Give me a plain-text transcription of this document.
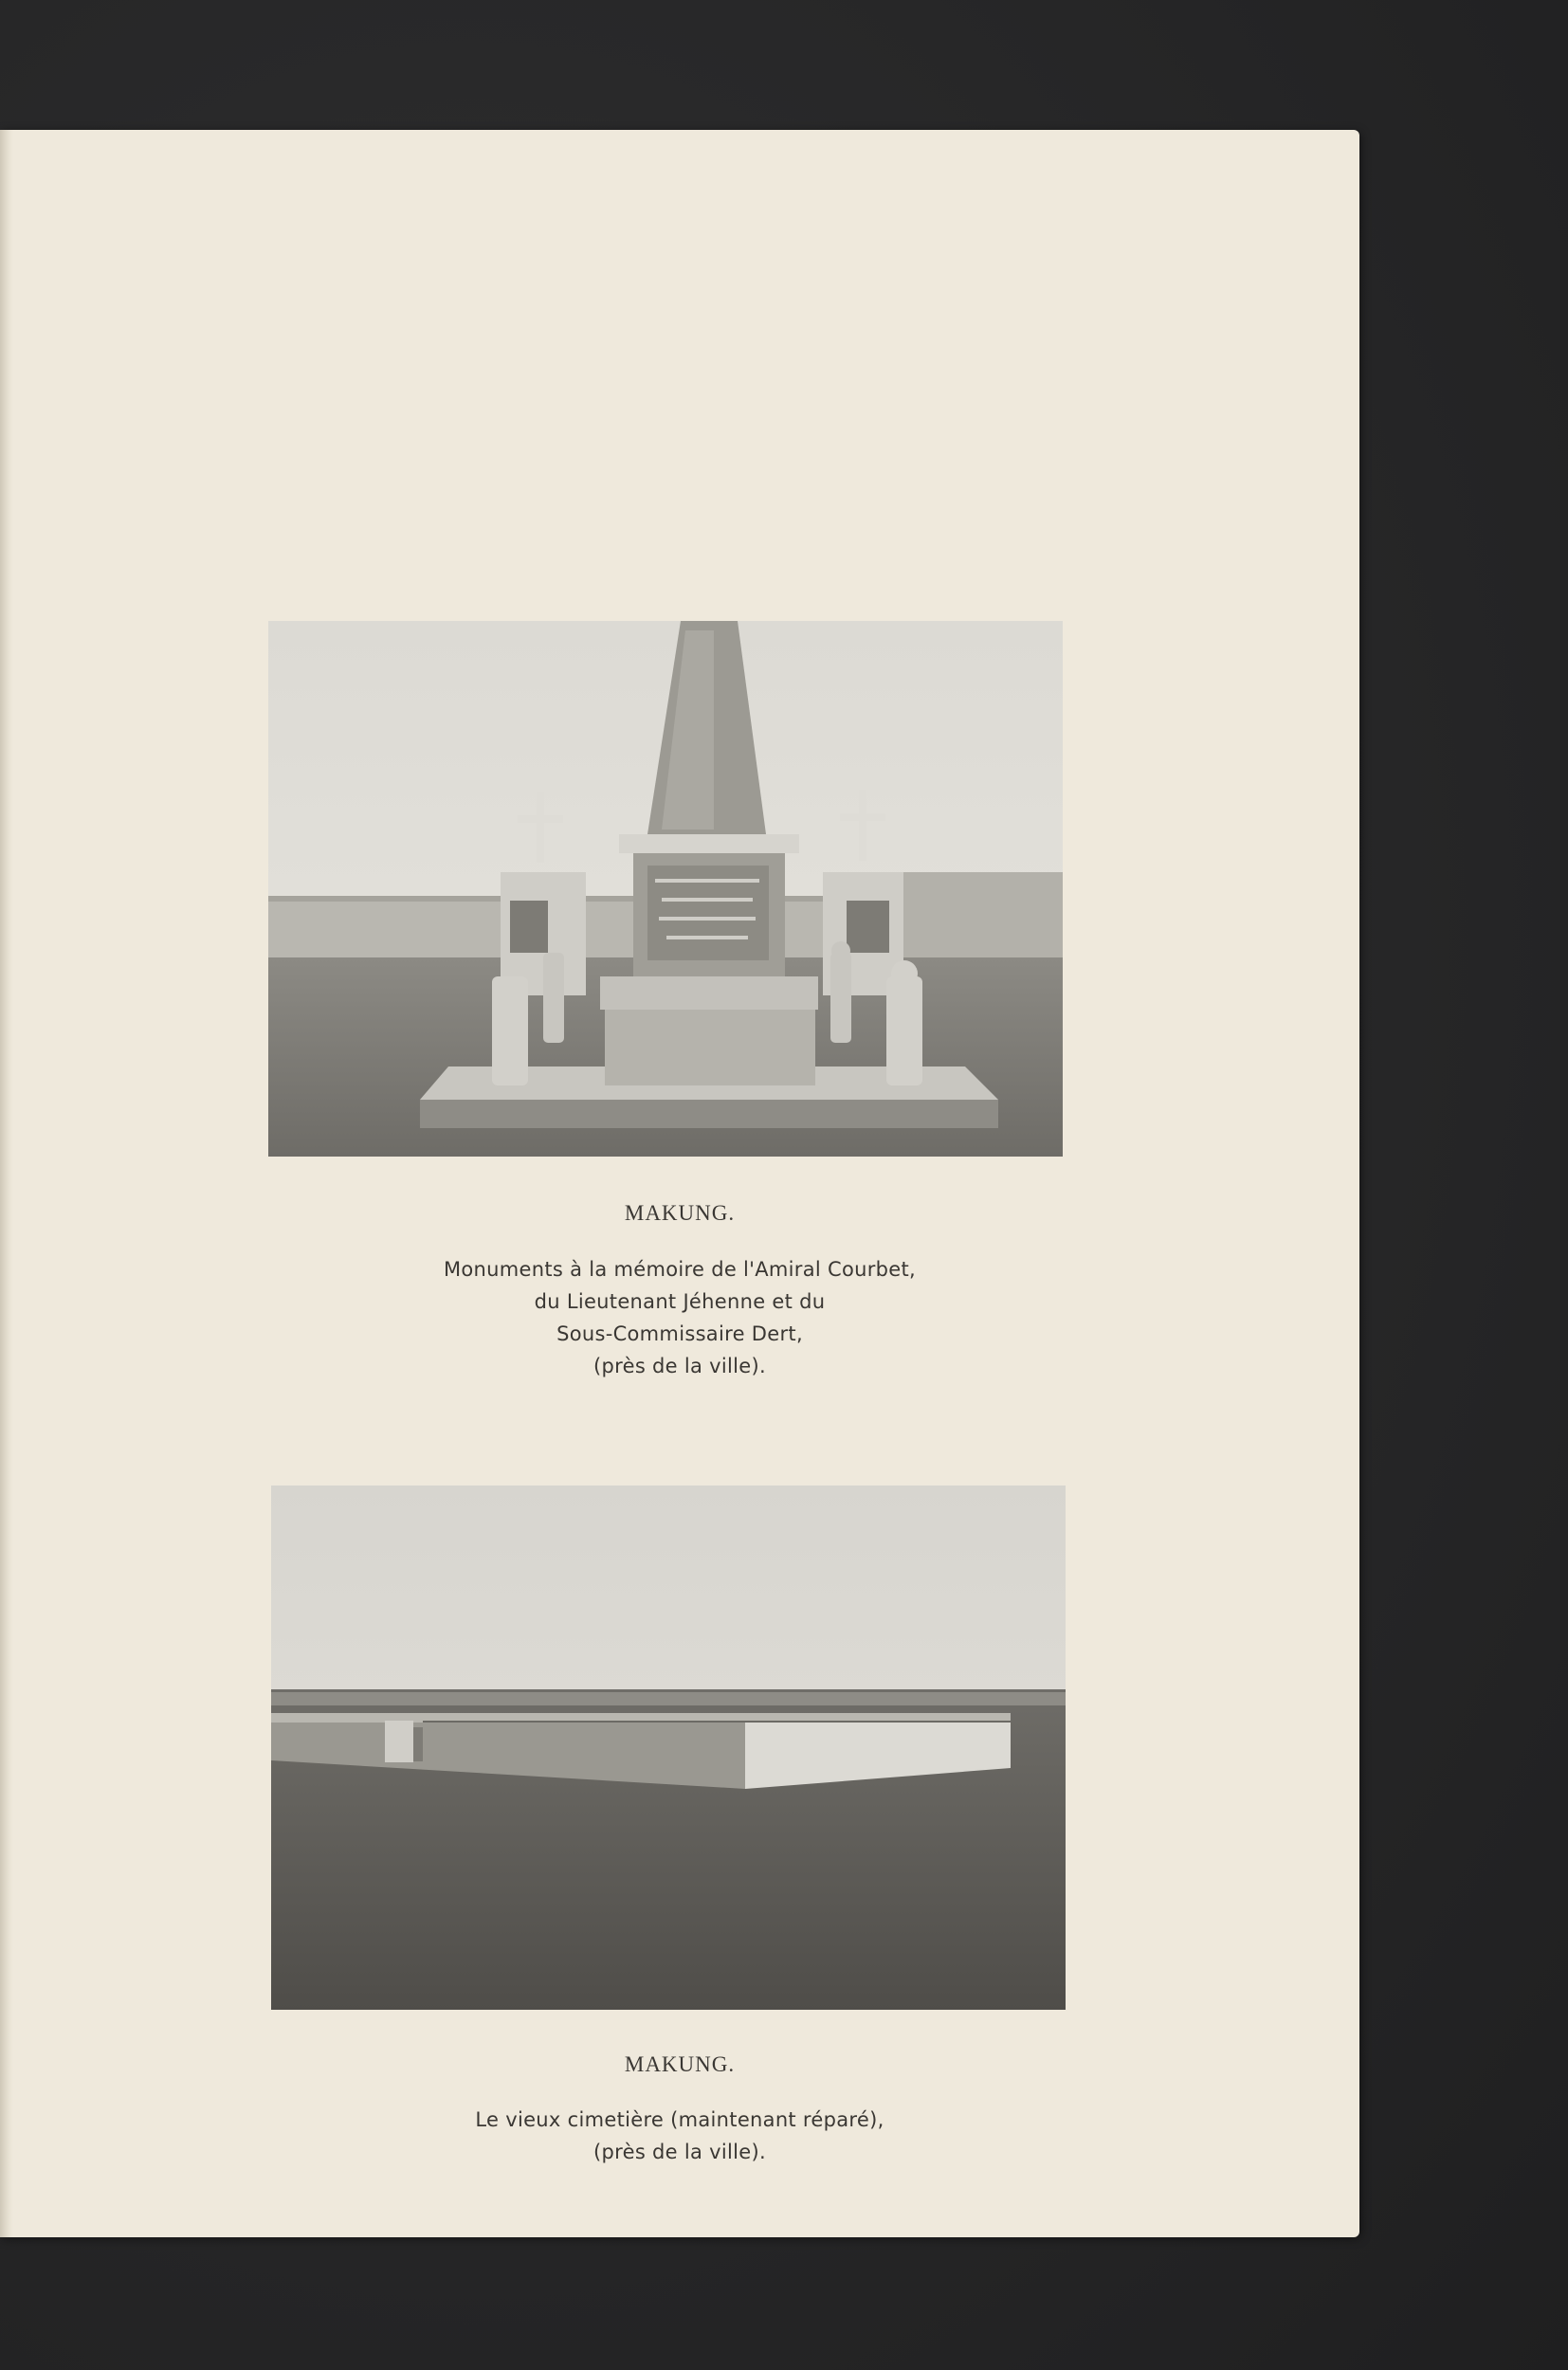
MAKUNG.
Monuments à la mémoire de l'Amiral Courbet,
du Lieutenant Jéhenne et du
Sous-Commissaire Dert,
(près de la ville).
MAKUNG.
Le vieux cimetière (maintenant réparé),
(près de la ville).
